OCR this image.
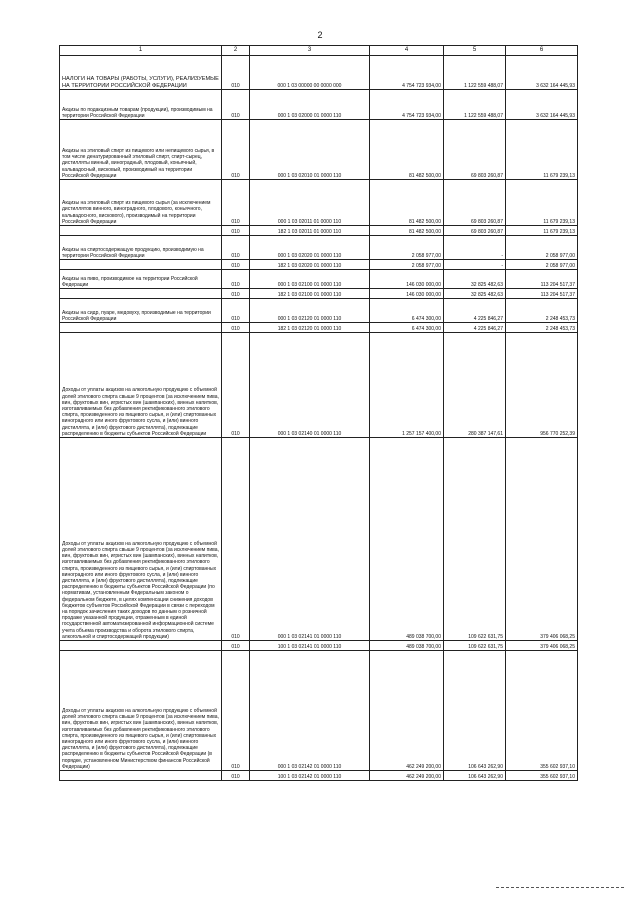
2
1	2	3	4	5	6
НАЛОГИ НА ТОВАРЫ (РАБОТЫ, УСЛУГИ), РЕАЛИЗУЕМЫЕ НА ТЕРРИТОРИИ РОССИЙСКОЙ ФЕДЕРАЦИИ	010	000 1 03 00000 00 0000 000	4 754 723 934,00	1 122 559 488,07	3 632 164 445,93
Акцизы по подакцизным товарам (продукции), производимым на территории Российской Федерации	010	000 1 03 02000 01 0000 110	4 754 723 934,00	1 122 559 488,07	3 632 164 445,93
Акцизы на этиловый спирт из пищевого или непищевого сырья, в том числе денатурированный этиловый спирт, спирт-сырец, дистилляты винный, виноградный, плодовый, коньячный, кальвадосный, висковый, производимый на территории Российской Федерации	010	000 1 03 02010 01 0000 110	81 482 500,00	69 803 260,87	11 679 239,13
Акцизы на этиловый спирт из пищевого сырья (за исключением дистиллятов винного, виноградного, плодового, коньячного, кальвадосного, вискового), производимый на территории Российской Федерации	010	000 1 03 02011 01 0000 110	81 482 500,00	69 803 260,87	11 679 239,13
	010	182 1 03 02011 01 0000 110	81 482 500,00	69 803 260,87	11 679 239,13
Акцизы на спиртосодержащую продукцию, производимую на территории Российской Федерации	010	000 1 03 02020 01 0000 110	2 058 977,00	-	2 058 977,00
	010	182 1 03 02020 01 0000 110	2 058 977,00	-	2 058 977,00
Акцизы на пиво, производимое на территории Российской Федерации	010	000 1 03 02100 01 0000 110	146 030 000,00	32 825 482,63	113 204 517,37
	010	182 1 03 02100 01 0000 110	146 030 000,00	32 825 482,63	113 204 517,37
Акцизы на сидр, пуаре, медовуху, производимые на территории Российской Федерации	010	000 1 03 02120 01 0000 110	6 474 300,00	4 225 846,27	2 248 453,73
	010	182 1 03 02120 01 0000 110	6 474 300,00	4 225 846,27	2 248 453,73
Доходы от уплаты акцизов на алкогольную продукцию с объемной долей этилового спирта свыше 9 процентов (за исключением пива, вин, фруктовых вин, игристых вин (шампанских), винных напитков, изготавливаемых без добавления ректификованного этилового спирта, произведенного из пищевого сырья, и (или) спиртованных виноградного или иного фруктового сусла, и (или) винного дистиллята, и (или) фруктового дистиллята), подлежащие распределению в бюджеты субъектов Российской Федерации	010	000 1 03 02140 01 0000 110	1 257 157 400,00	280 387 147,61	956 770 252,39
Доходы от уплаты акцизов на алкогольную продукцию с объемной долей этилового спирта свыше 9 процентов (за исключением пива, вин, фруктовых вин, игристых вин (шампанских), винных напитков, изготавливаемых без добавления ректификованного этилового спирта, произведенного из пищевого сырья, и (или) спиртованных виноградного или иного фруктового сусла, и (или) винного дистиллята, и (или) фруктового дистиллята), подлежащие распределению в бюджеты субъектов Российской Федерации (по нормативам, установленным Федеральным законом о федеральном бюджете, в целях компенсации снижения доходов бюджетов субъектов Российской Федерации в связи с переходом на порядок зачисления таких доходов по данным о розничной продаже указанной продукции, отраженным в единой государственной автоматизированной информационной системе учета объема производства и оборота этилового спирта, алкогольной и спиртосодержащей продукции)	010	000 1 03 02141 01 0000 110	489 038 700,00	109 622 631,75	379 406 068,25
	010	100 1 03 02141 01 0000 110	489 038 700,00	109 622 631,75	379 406 068,25
Доходы от уплаты акцизов на алкогольную продукцию с объемной долей этилового спирта свыше 9 процентов (за исключением пива, вин, фруктовых вин, игристых вин (шампанских), винных напитков, изготавливаемых без добавления ректификованного этилового спирта, произведенного из пищевого сырья, и (или) спиртованных виноградного или иного фруктового сусла, и (или) винного дистиллята, и (или) фруктового дистиллята), подлежащие распределению в бюджеты субъектов Российской Федерации (в порядке, установленном Министерством финансов Российской Федерации)	010	000 1 03 02142 01 0000 110	462 249 200,00	106 643 262,90	355 602 937,10
	010	100 1 03 02142 01 0000 110	462 249 200,00	106 643 262,90	355 602 937,10
